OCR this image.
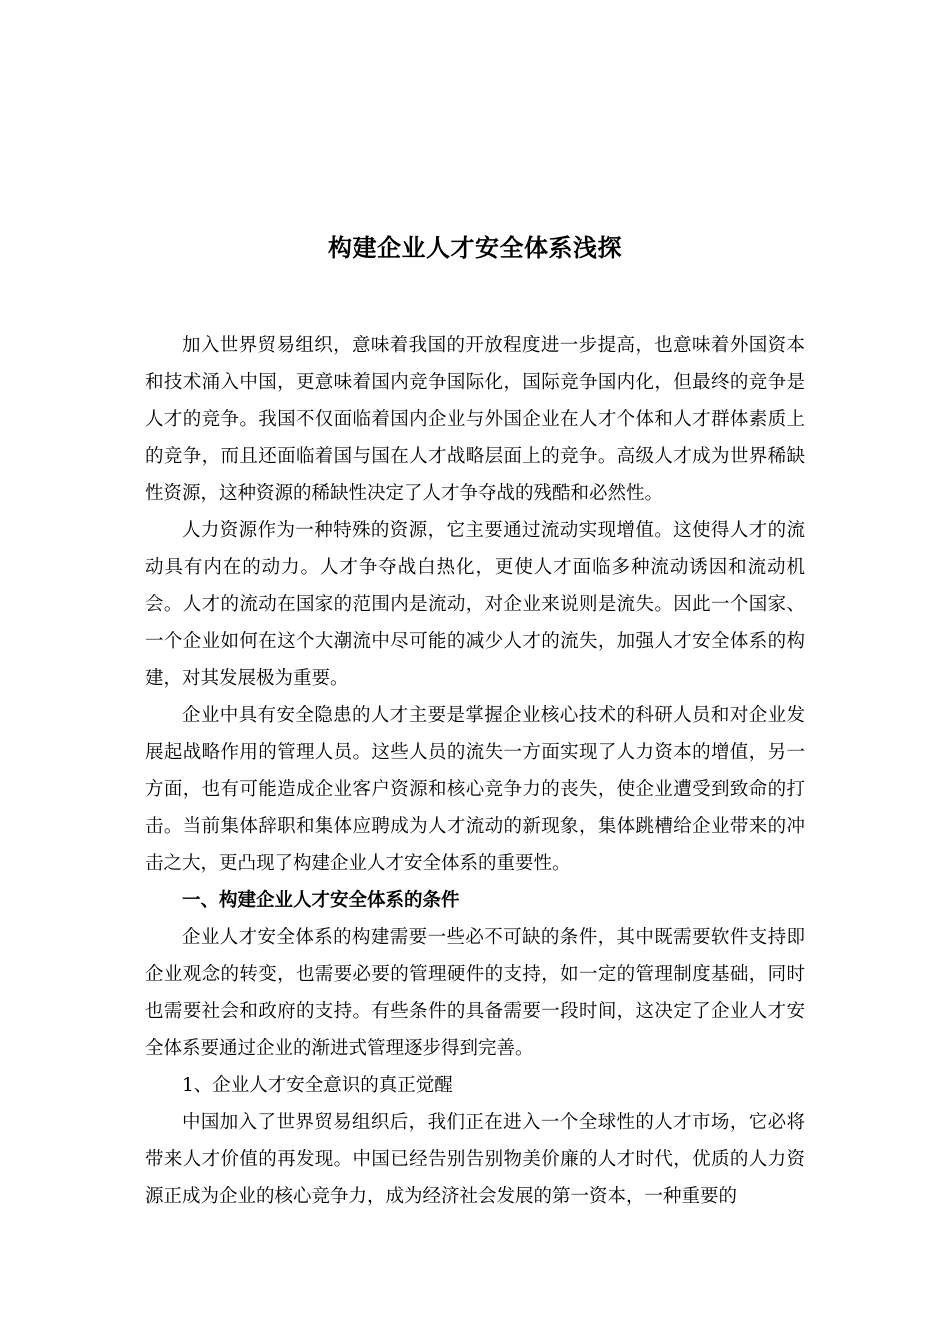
构建企业人才安全体系浅探

加入世界贸易组织，意味着我国的开放程度进一步提高，也意味着外国资本和技术涌入中国，更意味着国内竞争国际化，国际竞争国内化，但最终的竞争是人才的竞争。我国不仅面临着国内企业与外国企业在人才个体和人才群体素质上的竞争，而且还面临着国与国在人才战略层面上的竞争。高级人才成为世界稀缺性资源，这种资源的稀缺性决定了人才争夺战的残酷和必然性。

人力资源作为一种特殊的资源，它主要通过流动实现增值。这使得人才的流动具有内在的动力。人才争夺战白热化，更使人才面临多种流动诱因和流动机会。人才的流动在国家的范围内是流动，对企业来说则是流失。因此一个国家、一个企业如何在这个大潮流中尽可能的减少人才的流失，加强人才安全体系的构建，对其发展极为重要。

企业中具有安全隐患的人才主要是掌握企业核心技术的科研人员和对企业发展起战略作用的管理人员。这些人员的流失一方面实现了人力资本的增值，另一方面，也有可能造成企业客户资源和核心竞争力的丧失，使企业遭受到致命的打击。当前集体辞职和集体应聘成为人才流动的新现象，集体跳槽给企业带来的冲击之大，更凸现了构建企业人才安全体系的重要性。

一、构建企业人才安全体系的条件

企业人才安全体系的构建需要一些必不可缺的条件，其中既需要软件支持即企业观念的转变，也需要必要的管理硬件的支持，如一定的管理制度基础，同时也需要社会和政府的支持。有些条件的具备需要一段时间，这决定了企业人才安全体系要通过企业的渐进式管理逐步得到完善。

1、企业人才安全意识的真正觉醒

中国加入了世界贸易组织后，我们正在进入一个全球性的人才市场，它必将带来人才价值的再发现。中国已经告别告别物美价廉的人才时代，优质的人力资源正成为企业的核心竞争力，成为经济社会发展的第一资本，一种重要的
